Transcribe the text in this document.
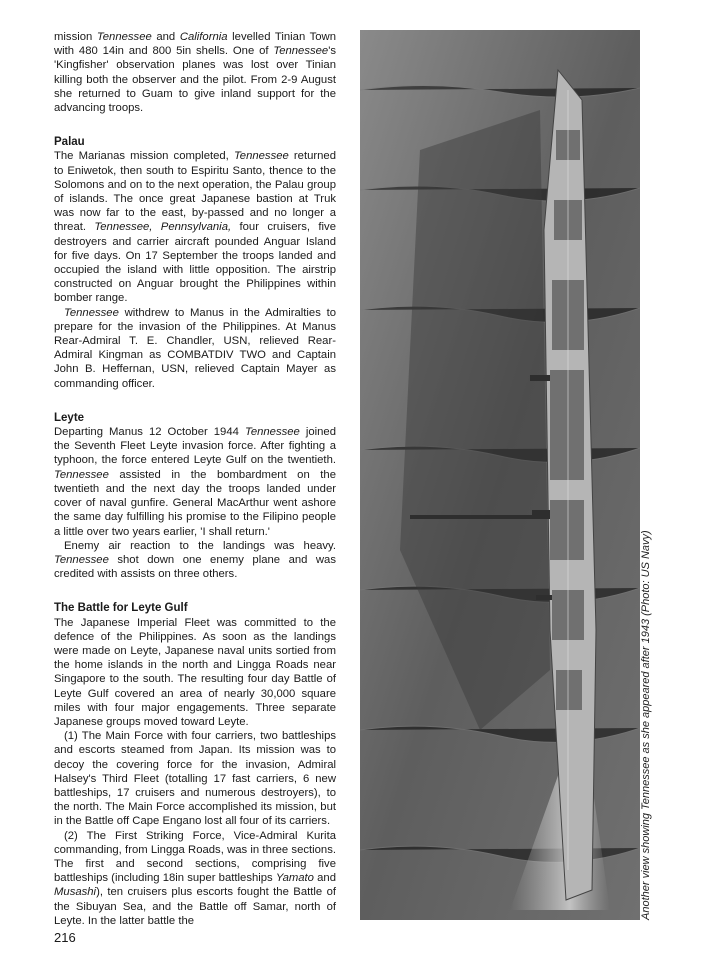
mission Tennessee and California levelled Tinian Town with 480 14in and 800 5in shells. One of Tennessee's 'Kingfisher' observation planes was lost over Tinian killing both the observer and the pilot. From 2-9 August she returned to Guam to give inland support for the advancing troops.

Palau

The Marianas mission completed, Tennessee returned to Eniwetok, then south to Espiritu Santo, thence to the Solomons and on to the next operation, the Palau group of islands. The once great Japanese bastion at Truk was now far to the east, by-passed and no longer a threat. Tennessee, Pennsylvania, four cruisers, five destroyers and carrier aircraft pounded Anguar Island for five days. On 17 September the troops landed and occupied the island with little opposition. The airstrip constructed on Anguar brought the Philippines within bomber range.

Tennessee withdrew to Manus in the Admiralties to prepare for the invasion of the Philippines. At Manus Rear-Admiral T. E. Chandler, USN, relieved Rear-Admiral Kingman as COMBATDIV TWO and Captain John B. Heffernan, USN, relieved Captain Mayer as commanding officer.

Leyte

Departing Manus 12 October 1944 Tennessee joined the Seventh Fleet Leyte invasion force. After fighting a typhoon, the force entered Leyte Gulf on the twentieth. Tennessee assisted in the bombardment on the twentieth and the next day the troops landed under cover of naval gunfire. General MacArthur went ashore the same day fulfilling his promise to the Filipino people a little over two years earlier, 'I shall return.'

Enemy air reaction to the landings was heavy. Tennessee shot down one enemy plane and was credited with assists on three others.

The Battle for Leyte Gulf

The Japanese Imperial Fleet was committed to the defence of the Philippines. As soon as the landings were made on Leyte, Japanese naval units sortied from the home islands in the north and Lingga Roads near Singapore to the south. The resulting four day Battle of Leyte Gulf covered an area of nearly 30,000 square miles with four major engagements. Three separate Japanese groups moved toward Leyte.

(1) The Main Force with four carriers, two battleships and escorts steamed from Japan. Its mission was to decoy the covering force for the invasion, Admiral Halsey's Third Fleet (totalling 17 fast carriers, 6 new battleships, 17 cruisers and numerous destroyers), to the north. The Main Force accomplished its mission, but in the Battle off Cape Engano lost all four of its carriers.

(2) The First Striking Force, Vice-Admiral Kurita commanding, from Lingga Roads, was in three sections. The first and second sections, comprising five battleships (including 18in super battleships Yamato and Musashi), ten cruisers plus escorts fought the Battle of the Sibuyan Sea, and the Battle off Samar, north of Leyte. In the latter battle the

216
Another view showing Tennessee as she appeared after 1943 (Photo: US Navy)
